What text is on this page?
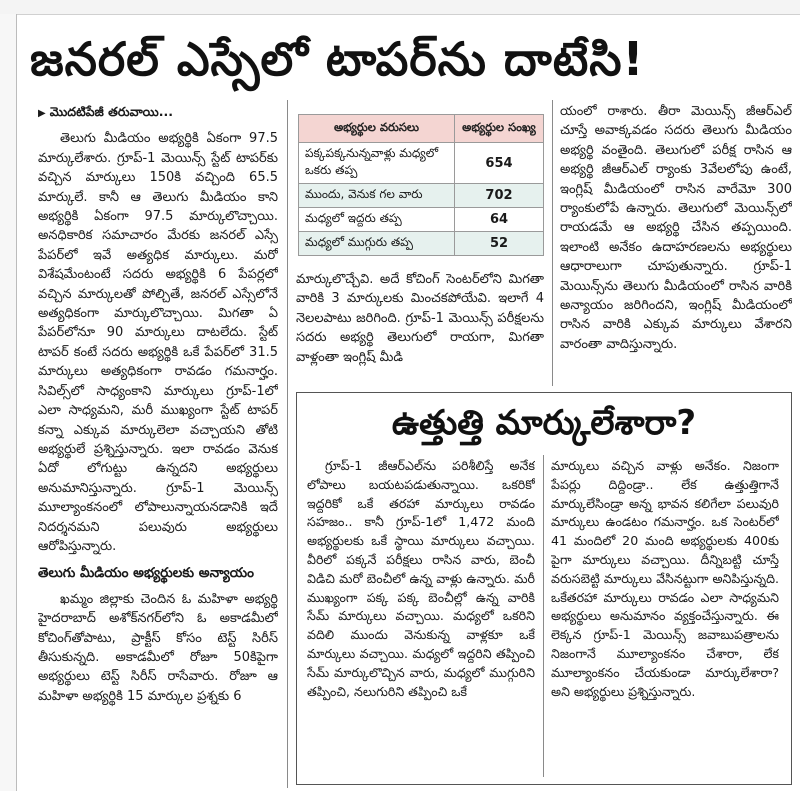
జనరల్ ఎస్సేలో టాపర్‌ను దాటేసి!
▶ మొదటిపేజీ తరువాయి...

తెలుగు మీడియం అభ్యర్థికి ఏకంగా 97.5 మార్కులేశారు. గ్రూప్‌-1 మెయిన్స్‌ స్టేట్‌ టాపర్‌కు వచ్చిన మార్కులు 150కి వచ్చింది 65.5 మార్కులే. కానీ ఆ తెలుగు మీడియం కాని అభ్యర్థికి ఏకంగా 97.5 మార్కులొచ్చాయి. అనధికారిక సమాచారం మేరకు జనరల్‌ ఎస్సే పేపర్‌లో ఇవే అత్యధిక మార్కులు. మరో విశేషమేంటంటే సదరు అభ్యర్థికి 6 పేపర్లలో వచ్చిన మార్కులతో పోల్చితే, జనరల్‌ ఎస్సేలోనే అత్యధికంగా మార్కులొచ్చాయి. మిగతా ఏ పేపర్‌లోనూ 90 మార్కులు దాటలేదు. స్టేట్‌ టాపర్‌ కంటే సదరు అభ్యర్థికి ఒకే పేపర్‌లో 31.5 మార్కులు అత్యధికంగా రావడం గమనార్హం. సివిల్స్‌లో సాధ్యంకాని మార్కులు గ్రూప్‌-1లో ఎలా సాధ్యమని, మరీ ముఖ్యంగా స్టేట్‌ టాపర్‌ కన్నా ఎక్కువ మార్కులెలా వచ్చాయని తోటి అభ్యర్థులే ప్రశ్నిస్తున్నారు. ఇలా రావడం వెనుక ఏదో లోగుట్టు ఉన్నదని అభ్యర్థులు అనుమానిస్తున్నారు. గ్రూప్‌-1 మెయిన్స్‌ మూల్యాంకనంలో లోపాలున్నాయనడానికి ఇదే నిదర్శనమని పలువురు అభ్యర్థులు ఆరోపిస్తున్నారు.

తెలుగు మీడియం అభ్యర్థులకు అన్యాయం

ఖమ్మం జిల్లాకు చెందిన ఓ మహిళా అభ్యర్థి హైదరాబాద్‌ అశోక్‌నగర్‌లోని ఓ అకాడమీలో కోచింగ్‌తోపాటు, ప్రాక్టీస్‌ కోసం టెస్ట్‌ సిరీస్‌ తీసుకున్నది. అకాడమీలో రోజూ 50కిపైగా అభ్యర్థులు టెస్ట్‌ సిరీస్‌ రాసేవారు. రోజూ ఆ మహిళా అభ్యర్థికి 15 మార్కుల ప్రశ్నకు 6

అభ్యర్థుల వరుసలు	అభ్యర్థుల సంఖ్య
పక్కపక్కనున్నవాళ్లు మధ్యలో ఒకరు తప్ప	654
ముందు, వెనుక గల వారు	702
మధ్యలో ఇద్దరు తప్ప	64
మధ్యలో ముగ్గురు తప్ప	52

మార్కులొచ్చేవి. అదే కోచింగ్‌ సెంటర్‌లోని మిగతా వారికి 3 మార్కులకు మించకపోయేవి. ఇలాగే 4 నెలలపాటు జరిగింది. గ్రూప్‌-1 మెయిన్స్‌ పరీక్షలను సదరు అభ్యర్థి తెలుగులో రాయగా, మిగతా వాళ్లంతా ఇంగ్లిష్‌ మీడి

యంలో రాశారు. తీరా మెయిన్స్‌ జీఆర్‌ఎల్‌ చూస్తే అవాక్కవడం సదరు తెలుగు మీడియం అభ్యర్థి వంతైంది. తెలుగులో పరీక్ష రాసిన ఆ అభ్యర్థి జీఆర్‌ఎల్‌ ర్యాంకు 3వేలలోపు ఉంటే, ఇంగ్లిష్‌ మీడియంలో రాసిన వారేమో 300 ర్యాంకులోపే ఉన్నారు. తెలుగులో మెయిన్స్‌లో రాయడమే ఆ అభ్యర్థి చేసిన తప్పయింది. ఇలాంటి అనేకం ఉదాహరణలను అభ్యర్థులు ఆధారాలుగా చూపుతున్నారు. గ్రూప్‌-1 మెయిన్స్‌ను తెలుగు మీడియంలో రాసిన వారికి అన్యాయం జరిగిందని, ఇంగ్లిష్‌ మీడియంలో రాసిన వారికి ఎక్కువ మార్కులు వేశారని వారంతా వాదిస్తున్నారు.

ఉత్తుత్తి మార్కులేశారా?

గ్రూప్‌-1 జీఆర్‌ఎల్‌ను పరిశీలిస్తే అనేక లోపాలు బయటపడుతున్నాయి. ఒకరికో ఇద్దరికో ఒకే తరహా మార్కులు రావడం సహజం.. కానీ గ్రూప్‌-1లో 1,472 మంది అభ్యర్థులకు ఒకే స్థాయి మార్కులు వచ్చాయి. వీరిలో పక్కనే పరీక్షలు రాసిన వారు, బెంచీ విడిచి మరో బెంచీలో ఉన్న వాళ్లు ఉన్నారు. మరీ ముఖ్యంగా పక్క పక్క బెంచీల్లో ఉన్న వారికి సేమ్‌ మార్కులు వచ్చాయి. మధ్యలో ఒకరిని వదిలి ముందు వెనుకున్న వాళ్లకూ ఒకే మార్కులు వచ్చాయి. మధ్యలో ఇద్దరిని తప్పించి సేమ్‌ మార్కులొచ్చిన వారు, మధ్యలో ముగ్గురిని తప్పించి, నలుగురిని తప్పించి ఒకే

మార్కులు వచ్చిన వాళ్లు అనేకం. నిజంగా పేపర్లు దిద్దిండ్రా.. లేక ఉత్తుత్తిగానే మార్కులేసిండ్రా అన్న భావన కలిగేలా పలువురి మార్కులు ఉండటం గమనార్హం. ఒక సెంటర్‌లో 41 మందిలో 20 మంది అభ్యర్థులకు 400కు పైగా మార్కులు వచ్చాయి. దీన్నిబట్టి చూస్తే వరుసబెట్టి మార్కులు వేసినట్టుగా అనిపిస్తున్నది. ఒకేతరహా మార్కులు రావడం ఎలా సాధ్యమని అభ్యర్థులు అనుమానం వ్యక్తంచేస్తున్నారు. ఈ లెక్కన గ్రూప్‌-1 మెయిన్స్‌ జవాబుపత్రాలను నిజంగానే మూల్యాంకనం చేశారా, లేక మూల్యాంకనం చేయకుండా మార్కులేశారా? అని అభ్యర్థులు ప్రశ్నిస్తున్నారు.
